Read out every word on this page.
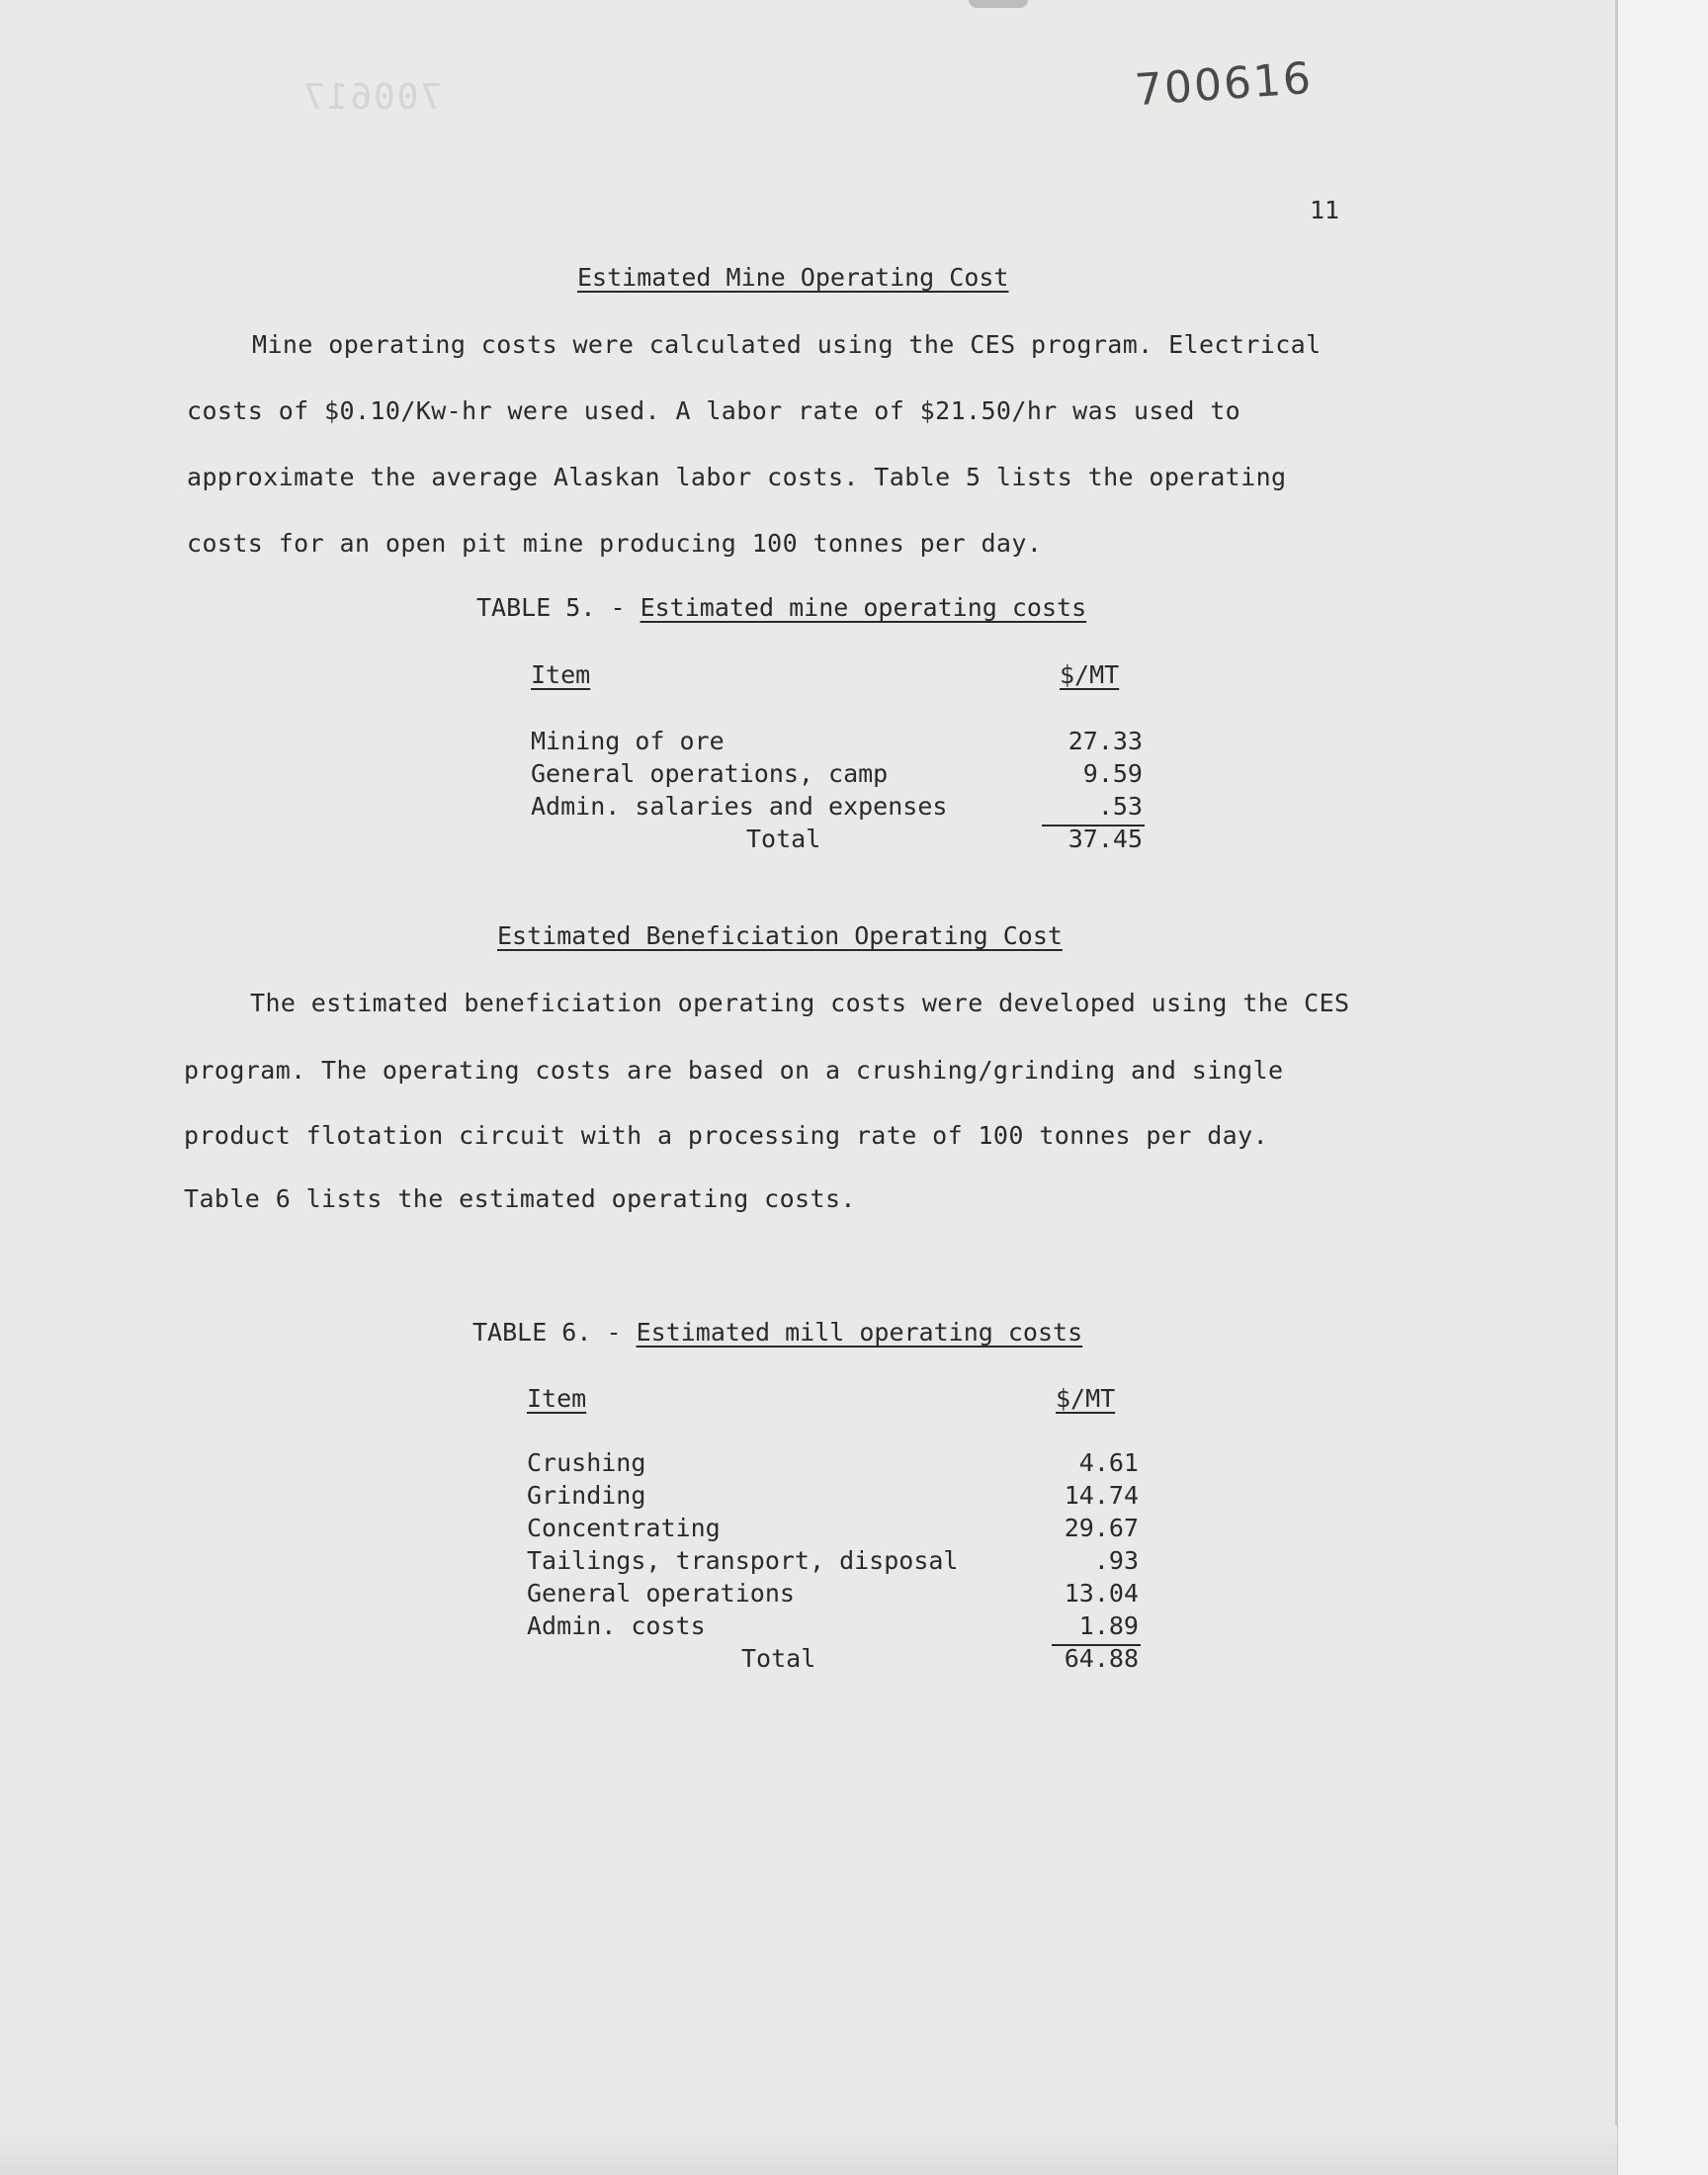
700617	700616
11
Estimated Mine Operating Cost
Mine operating costs were calculated using the CES program. Electrical
costs of $0.10/Kw-hr were used. A labor rate of $21.50/hr was used to
approximate the average Alaskan labor costs. Table 5 lists the operating
costs for an open pit mine producing 100 tonnes per day.
TABLE 5. - Estimated mine operating costs
Item	$/MT
Mining of ore	27.33
General operations, camp	9.59
Admin. salaries and expenses	.53
Total	37.45
Estimated Beneficiation Operating Cost
The estimated beneficiation operating costs were developed using the CES
program. The operating costs are based on a crushing/grinding and single
product flotation circuit with a processing rate of 100 tonnes per day.
Table 6 lists the estimated operating costs.
TABLE 6. - Estimated mill operating costs
Item	$/MT
Crushing	4.61
Grinding	14.74
Concentrating	29.67
Tailings, transport, disposal	.93
General operations	13.04
Admin. costs	1.89
Total	64.88
